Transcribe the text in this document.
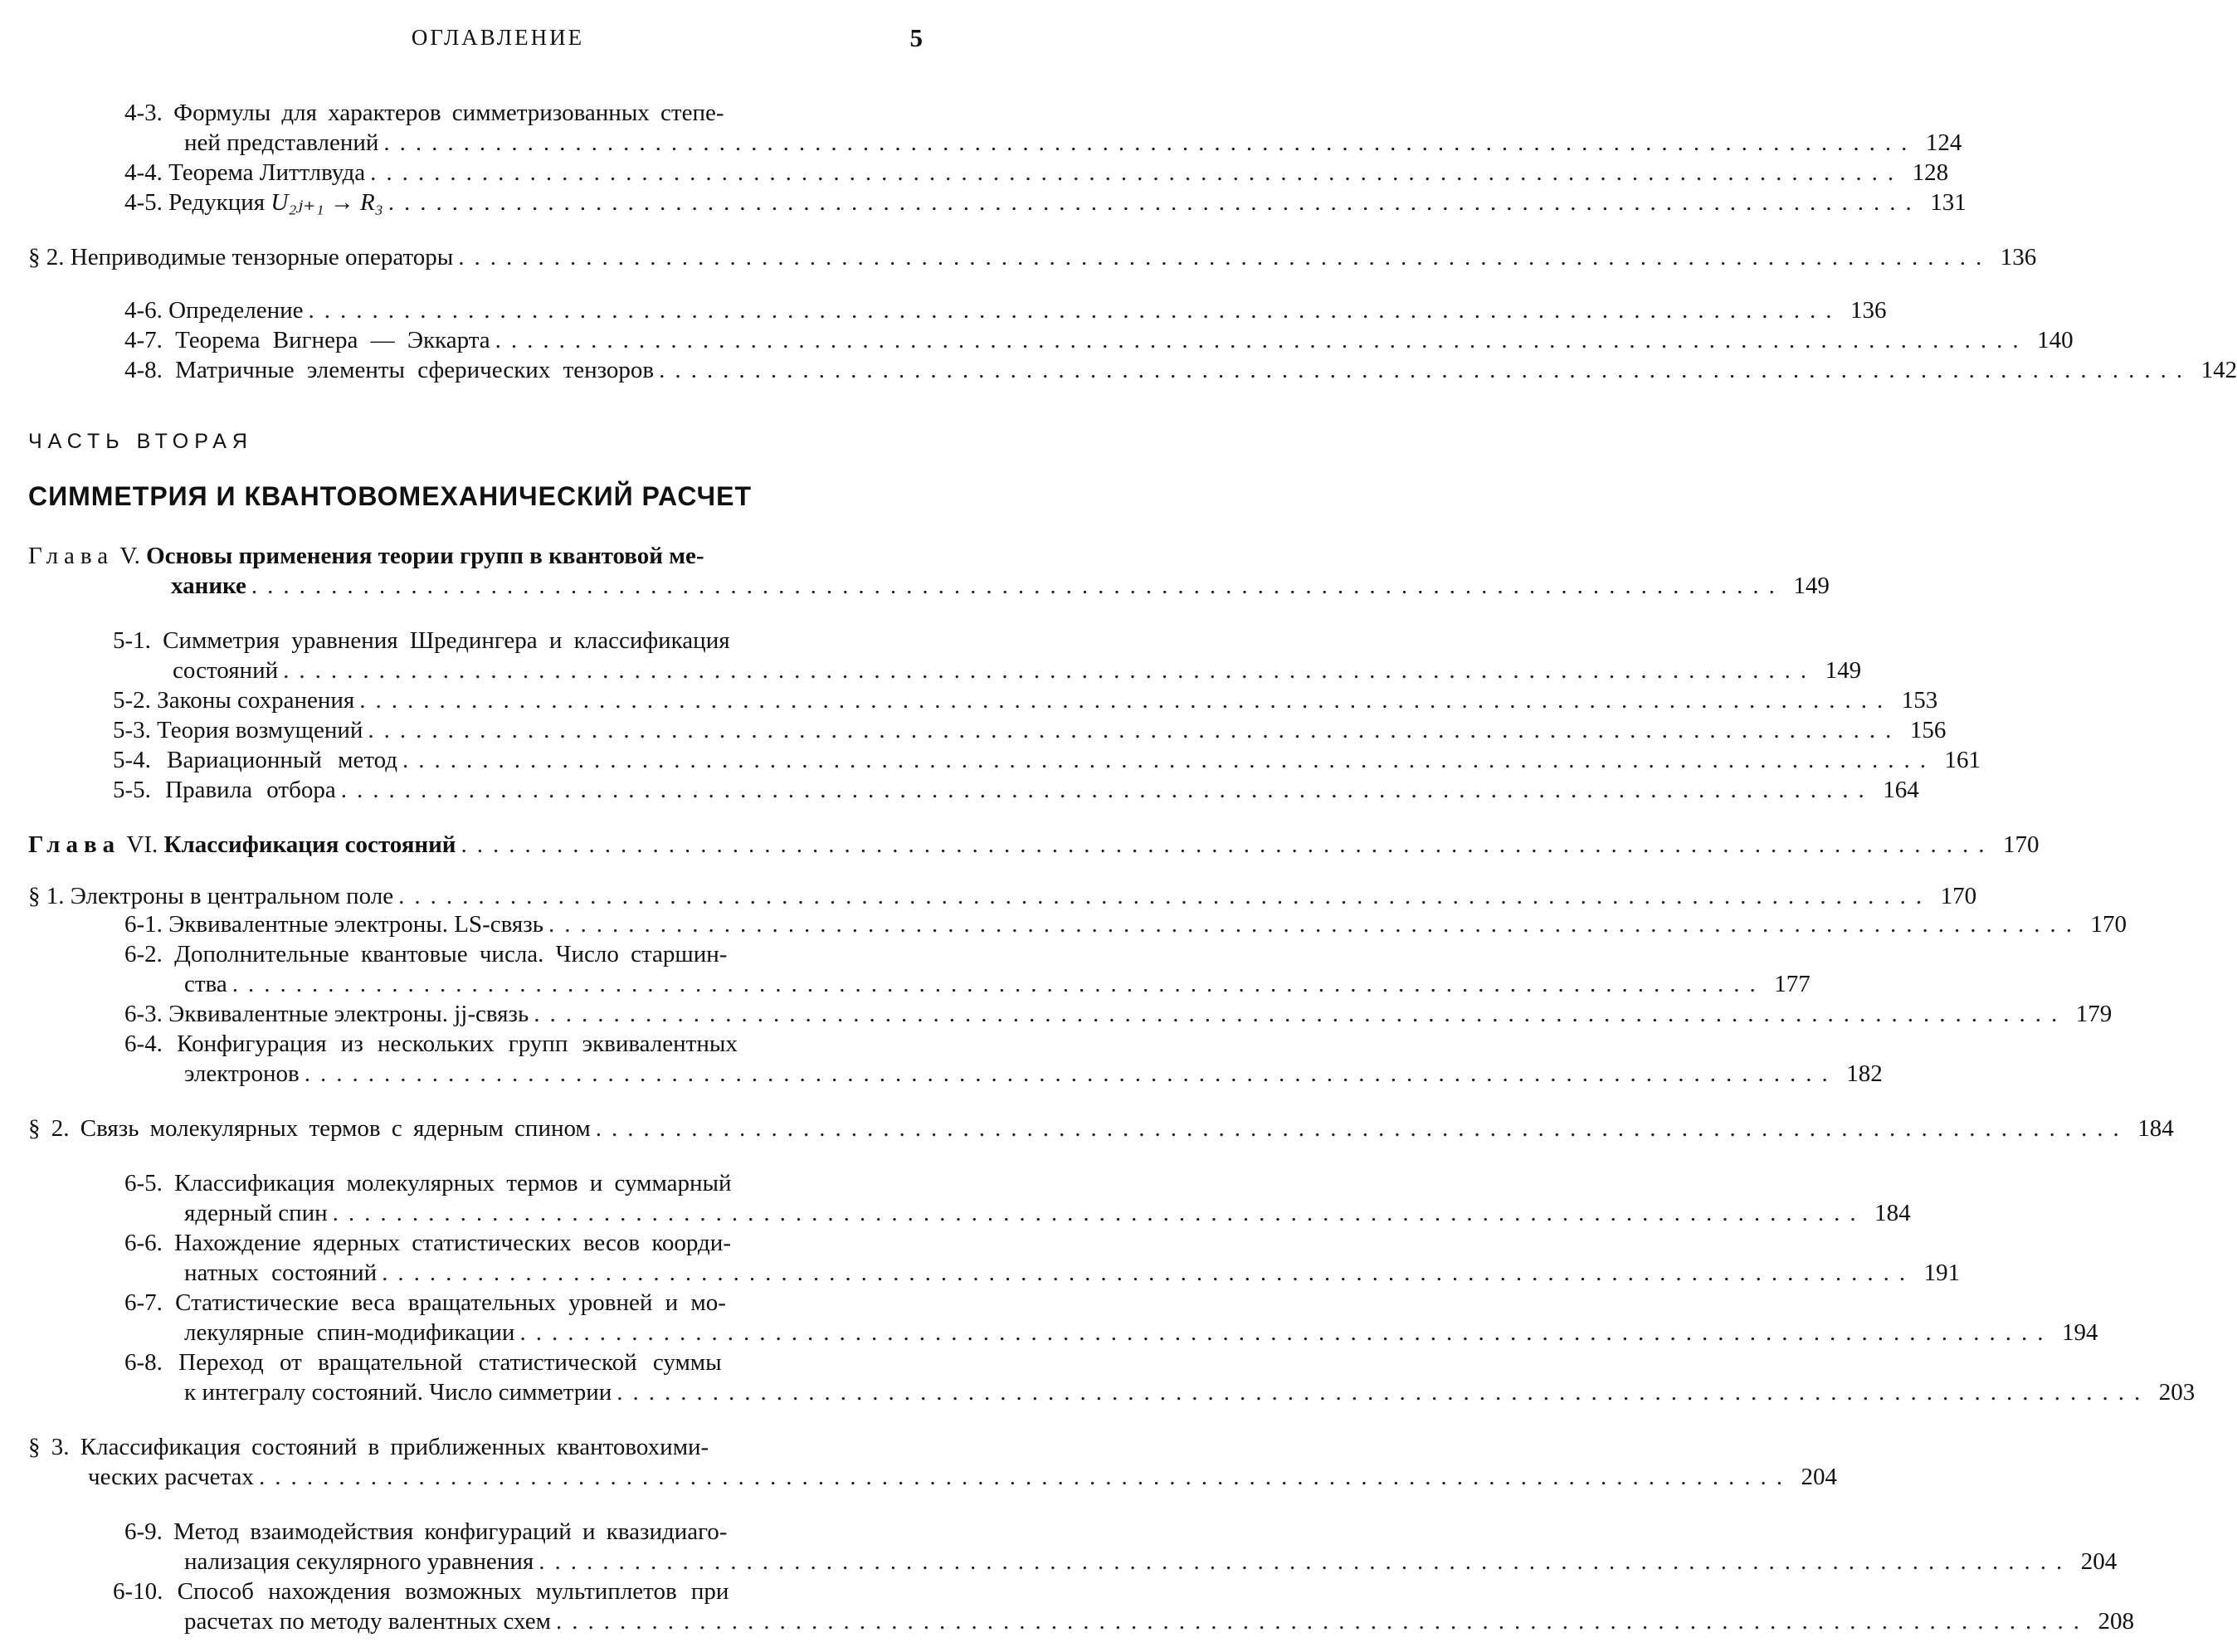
ОГЛАВЛЕНИЕ	5
4-3. Формулы для характеров симметризованных степе-
ней представлений ................................................................................................ 124
4-4. Теорема Литтлвуда ................................................................................................ 128
4-5. Редукция U₂ⱼ₊₁ → R₃ ................................................................................................ 131
§ 2. Неприводимые тензорные операторы ................................................................................................ 136
4-6. Определение ................................................................................................ 136
4-7. Теорема Вигнера — Эккарта ................................................................................................ 140
4-8. Матричные элементы сферических тензоров ................................................................................................ 142
ЧАСТЬ ВТОРАЯ
СИММЕТРИЯ И КВАНТОВОМЕХАНИЧЕСКИЙ РАСЧЕТ
Глава V. Основы применения теории групп в квантовой ме-
ханике ................................................................................................ 149
5-1. Симметрия уравнения Шредингера и классификация
состояний ................................................................................................ 149
5-2. Законы сохранения ................................................................................................ 153
5-3. Теория возмущений ................................................................................................ 156
5-4. Вариационный метод ................................................................................................ 161
5-5. Правила отбора ................................................................................................ 164
Глава VI. Классификация состояний ................................................................................................ 170
§ 1. Электроны в центральном поле ................................................................................................ 170
6-1. Эквивалентные электроны. LS-связь ................................................................................................ 170
6-2. Дополнительные квантовые числа. Число старшин-
ства ................................................................................................ 177
6-3. Эквивалентные электроны. jj-связь ................................................................................................ 179
6-4. Конфигурация из нескольких групп эквивалентных
электронов ................................................................................................ 182
§ 2. Связь молекулярных термов с ядерным спином ................................................................................................ 184
6-5. Классификация молекулярных термов и суммарный
ядерный спин ................................................................................................ 184
6-6. Нахождение ядерных статистических весов коорди-
натных состояний ................................................................................................ 191
6-7. Статистические веса вращательных уровней и мо-
лекулярные спин-модификации ................................................................................................ 194
6-8. Переход от вращательной статистической суммы
к интегралу состояний. Число симметрии ................................................................................................ 203
§ 3. Классификация состояний в приближенных квантовохими-
ческих расчетах ................................................................................................ 204
6-9. Метод взаимодействия конфигураций и квазидиаго-
нализация секулярного уравнения ................................................................................................ 204
6-10. Способ нахождения возможных мультиплетов при
расчетах по методу валентных схем ................................................................................................ 208
